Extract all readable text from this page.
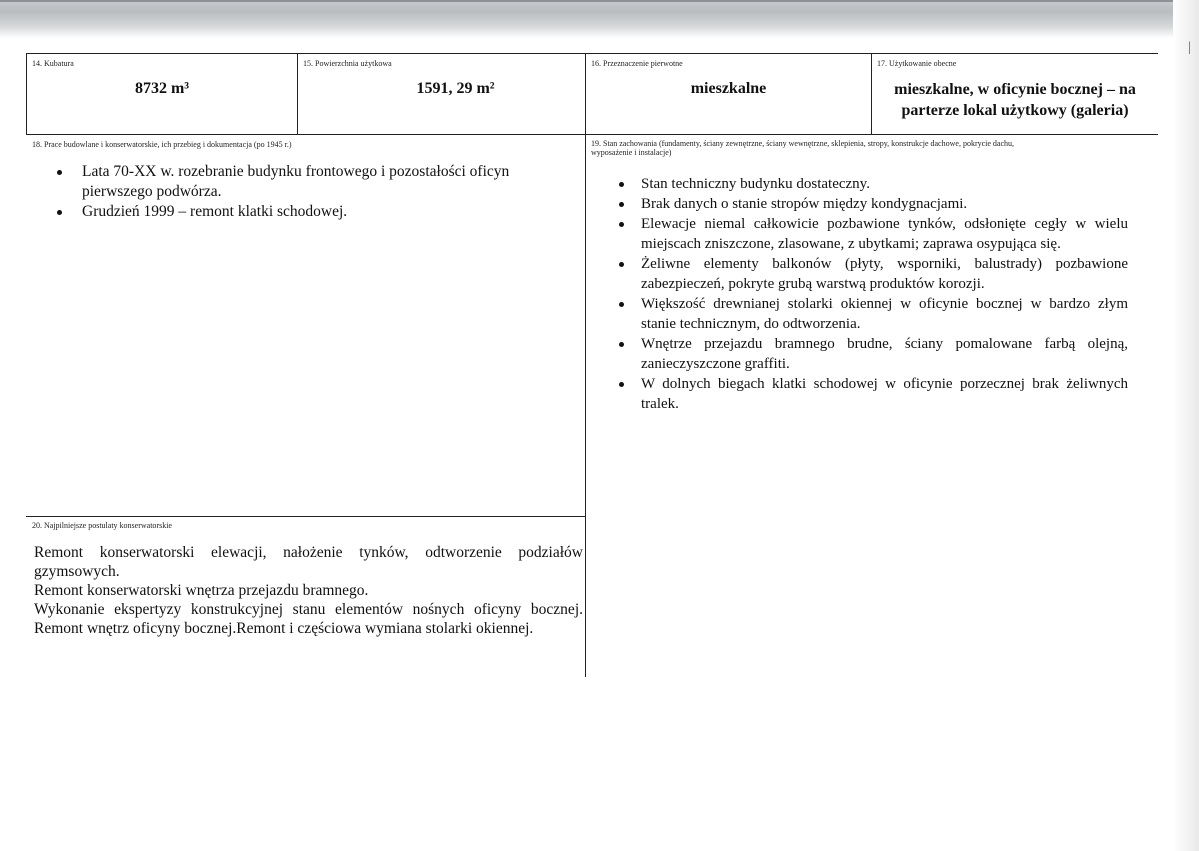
|
14. Kubatura
8732 m³
15. Powierzchnia użytkowa
1591, 29 m²
16. Przeznaczenie pierwotne
mieszkalne
17. Użytkowanie obecne
mieszkalne, w oficynie bocznej – na
parterze lokal użytkowy (galeria)
18. Prace budowlane i konserwatorskie, ich przebieg i dokumentacja (po 1945 r.)
Lata 70-XX w. rozebranie budynku frontowego i pozostałości oficyn pierwszego podwórza.
Grudzień 1999 – remont klatki schodowej.
19. Stan zachowania (fundamenty, ściany zewnętrzne, ściany wewnętrzne, sklepienia, stropy, konstrukcje dachowe, pokrycie dachu,
wyposażenie i instalacje)
Stan techniczny budynku dostateczny.
Brak danych o stanie stropów między kondygnacjami.
Elewacje niemal całkowicie pozbawione tynków, odsłonięte cegły w wielu miejscach zniszczone, zlasowane, z ubytkami; zaprawa osypująca się.
Żeliwne elementy balkonów (płyty, wsporniki, balustrady) pozbawione zabezpieczeń, pokryte grubą warstwą produktów korozji.
Większość drewnianej stolarki okiennej w oficynie bocznej w bardzo złym stanie technicznym, do odtworzenia.
Wnętrze przejazdu bramnego brudne, ściany pomalowane farbą olejną, zanieczyszczone graffiti.
W dolnych biegach klatki schodowej w oficynie porzecznej brak żeliwnych tralek.
20. Najpilniejsze postulaty konserwatorskie

Remont konserwatorski elewacji, nałożenie tynków, odtworzenie podziałów gzymsowych.

Remont konserwatorski wnętrza przejazdu bramnego.

Wykonanie ekspertyzy konstrukcyjnej stanu elementów nośnych oficyny bocznej. Remont wnętrz oficyny bocznej.Remont i częściowa wymiana stolarki okiennej.
